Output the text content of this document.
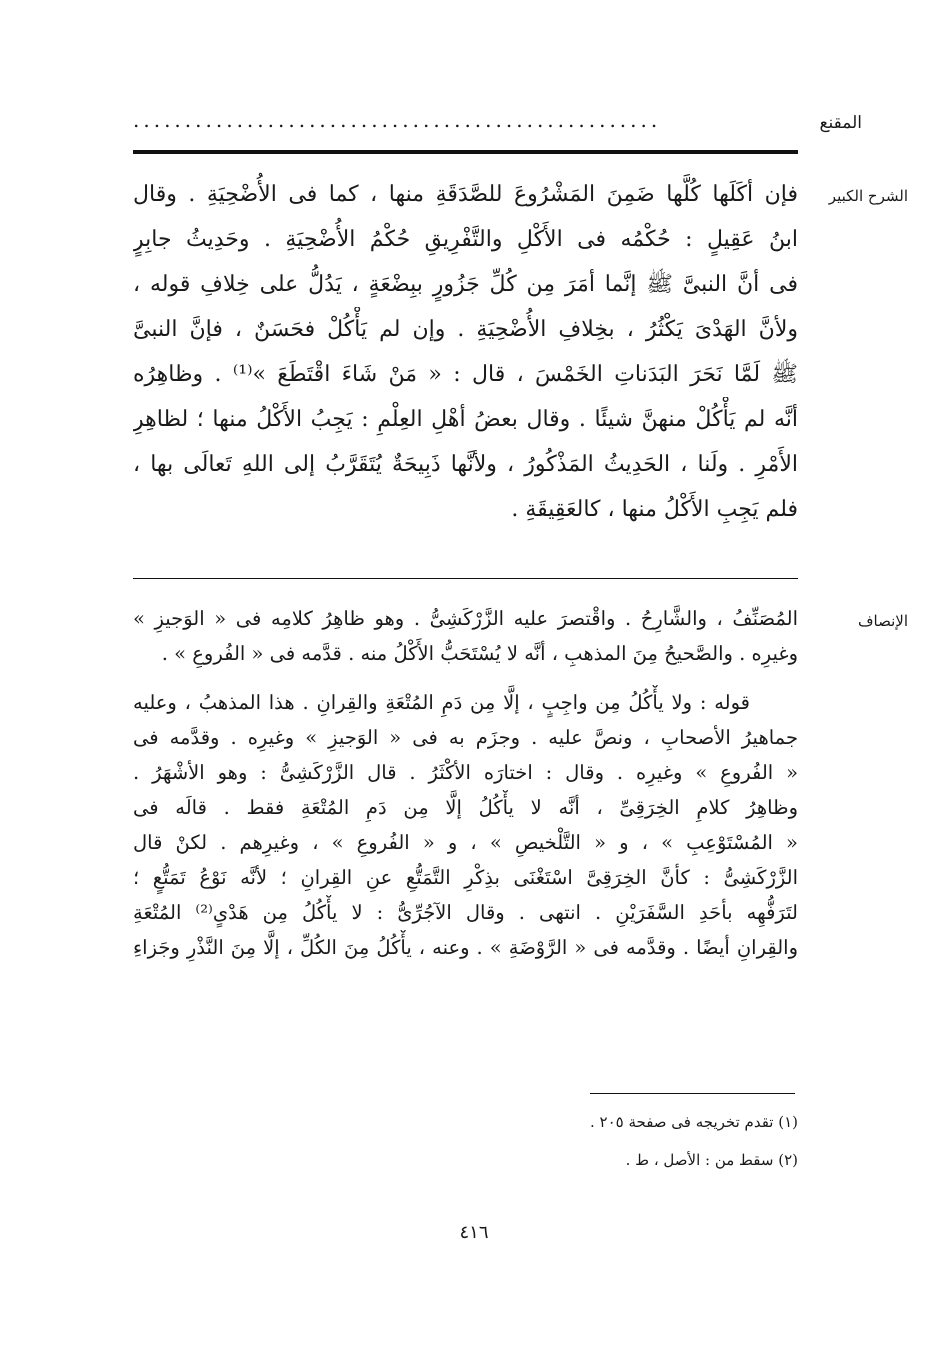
المقنع
...................................................
الشرح الكبير
فإن أكَلَها كُلَّها ضَمِنَ المَشْرُوعَ للصَّدَقَةِ منها ، كما فى الأُضْحِيَةِ . وقال
ابنُ عَقِيلٍ : حُكْمُه فى الأَكْلِ والتَّفْرِيقِ حُكْمُ الأُضْحِيَةِ . وحَدِيثُ جابِرٍ
فى أنَّ النبىَّ ﷺ إنَّما أمَرَ مِن كُلِّ جَزُورٍ ببِضْعَةٍ ، يَدُلُّ على خِلافِ قوله ،
ولأنَّ الهَدْىَ يَكْثُرُ ، بخِلافِ الأُضْحِيَةِ . وإن لم يَأْكُلْ فحَسَنٌ ، فإنَّ النبىَّ
ﷺ لَمَّا نَحَرَ البَدَناتِ الخَمْسَ ، قال : « مَنْ شَاءَ اقْتَطَعَ »⁽¹⁾ . وظاهِرُه
أنَّه لم يَأْكُلْ منهنَّ شيئًا . وقال بعضُ أهْلِ العِلْمِ : يَجِبُ الأَكْلُ منها ؛ لظاهِرِ
الأَمْرِ . ولَنا ، الحَدِيثُ المَذْكُورُ ، ولأنَّها ذَبِيحَةٌ يُتَقَرَّبُ إلى اللهِ تَعالَى بها ،
فلم يَجِبِ الأَكْلُ منها ، كالعَقِيقَةِ .
الإنصاف
المُصَنِّفُ ، والشَّارِحُ . واقْتصرَ عليه الزَّرْكَشِىُّ . وهو ظاهِرُ كلامِه فى « الوَجيزِ »
وغيرِه . والصَّحيحُ مِنَ المذهبِ ، أنَّه لا يُسْتَحَبُّ الأَكْلُ منه . قدَّمه فى « الفُروعِ » .
قوله : ولا يأْكُلُ مِن واجِبٍ ، إلَّا مِن دَمِ المُتْعَةِ والقِرانِ . هذا المذهبُ ، وعليه
جماهيرُ الأصحابِ ، ونصَّ عليه . وجزَم به فى « الوَجيزِ » وغيرِه . وقدَّمه فى
« الفُروعِ » وغيرِه . وقال : اختارَه الأكْثَرُ . قال الزَّرْكَشِىُّ : وهو الأشْهَرُ .
وظاهِرُ كلامِ الخِرَقِىِّ ، أنَّه لا يأْكُلُ إلَّا مِن دَمِ المُتْعَةِ فقط . قالَه فى
« المُسْتَوْعِبِ » ، و « التَّلْخيصِ » ، و « الفُروعِ » ، وغيرِهم . لكنْ قال
الزَّرْكَشِىُّ : كأنَّ الخِرَقِىَّ اسْتَغْنَى بذِكْرِ التَّمَتُّعِ عنِ القِرانِ ؛ لأنَّه نَوْعُ تَمَتُّعٍ ؛
لتَرَفُّهِه بأحَدِ السَّفَرَيْنِ . انتهى . وقال الآجُرِّىُّ : لا يأْكُلُ مِن هَدْىٍ⁽²⁾ المُتْعَةِ
والقِرانِ أيضًا . وقدَّمه فى « الرَّوْضَةِ » . وعنه ، يأْكُلُ مِنَ الكُلِّ ، إلَّا مِنَ النَّذْرِ وجَزاءِ
(١) تقدم تخريجه فى صفحة ٢٠٥ .
(٢) سقط من : الأصل ، ط .
٤١٦
